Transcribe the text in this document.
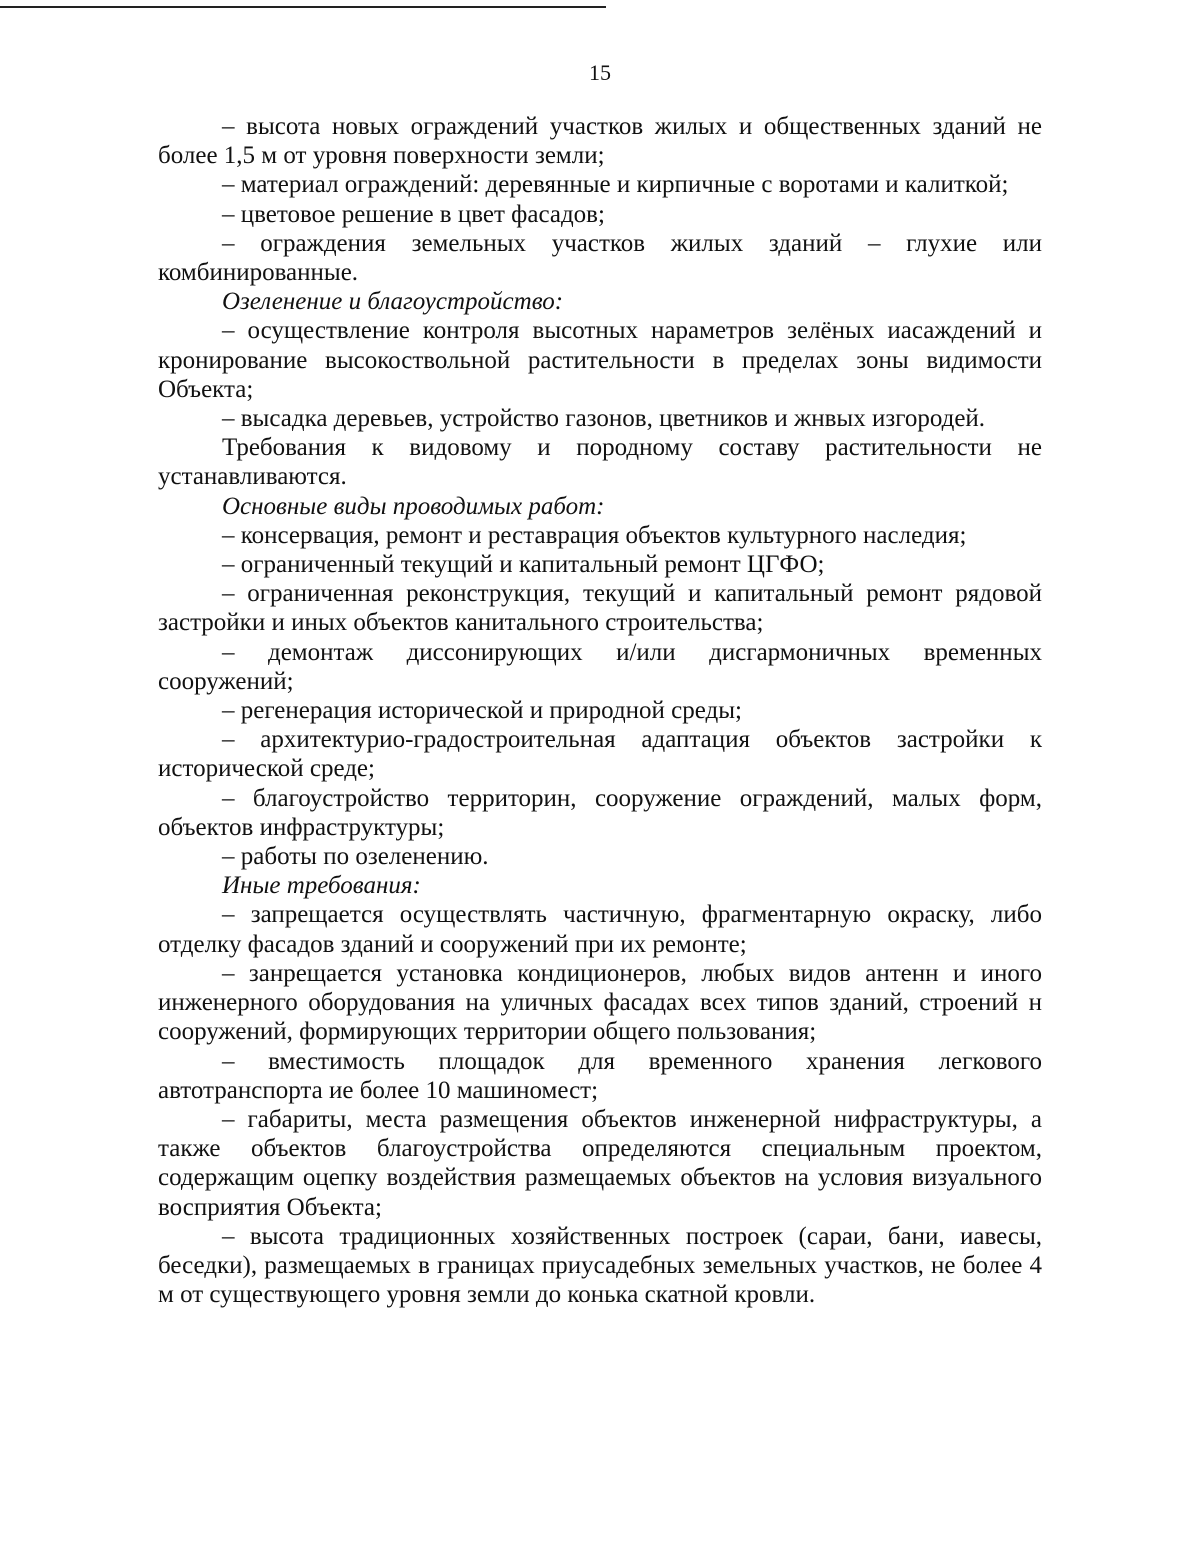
15

– высота новых ограждений участков жилых и общественных зданий не более 1,5 м от уровня поверхности земли;

– материал ограждений: деревянные и кирпичные с воротами и калиткой;

– цветовое решение в цвет фасадов;

– ограждения земельных участков жилых зданий – глухие или комбинированные.

Озеленение и благоустройство:

– осуществление контроля высотных нараметров зелёных иасаждений и кронирование высокоствольной растительности в пределах зоны видимости Объекта;

– высадка деревьев, устройство газонов, цветников и жнвых изгородей.

Требования к видовому и породному составу растительности не устанавливаются.

Основные виды проводимых работ:

– консервация, ремонт и реставрация объектов культурного наследия;

– ограниченный текущий и капитальный ремонт ЦГФО;

– ограниченная реконструкция, текущий и капитальный ремонт рядовой застройки и иных объектов канитального строительства;

– демонтаж диссонирующих и/или дисгармоничных временных сооружений;

– регенерация исторической и природной среды;

– архитектурио-градостроительная адаптация объектов застройки к исторической среде;

– благоустройство территорин, сооружение ограждений, малых форм, объектов инфраструктуры;

– работы по озеленению.

Иные требования:

– запрещается осуществлять частичную, фрагментарную окраску, либо отделку фасадов зданий и сооружений при их ремонте;

– занрещается установка кондиционеров, любых видов антенн и иного инженерного оборудования на уличных фасадах всех типов зданий, строений н сооружений, формирующих территории общего пользования;

– вместимость площадок для временного хранения легкового автотранспорта ие более 10 машиномест;

– габариты, места размещения объектов инженерной нифраструктуры, а также объектов благоустройства определяются специальным проектом, содержащим оцепку воздействия размещаемых объектов на условия визуального восприятия Объекта;

– высота традиционных хозяйственных построек (сараи, бани, иавесы, беседки), размещаемых в границах приусадебных земельных участков, не более 4 м от существующего уровня земли до конька скатной кровли.
